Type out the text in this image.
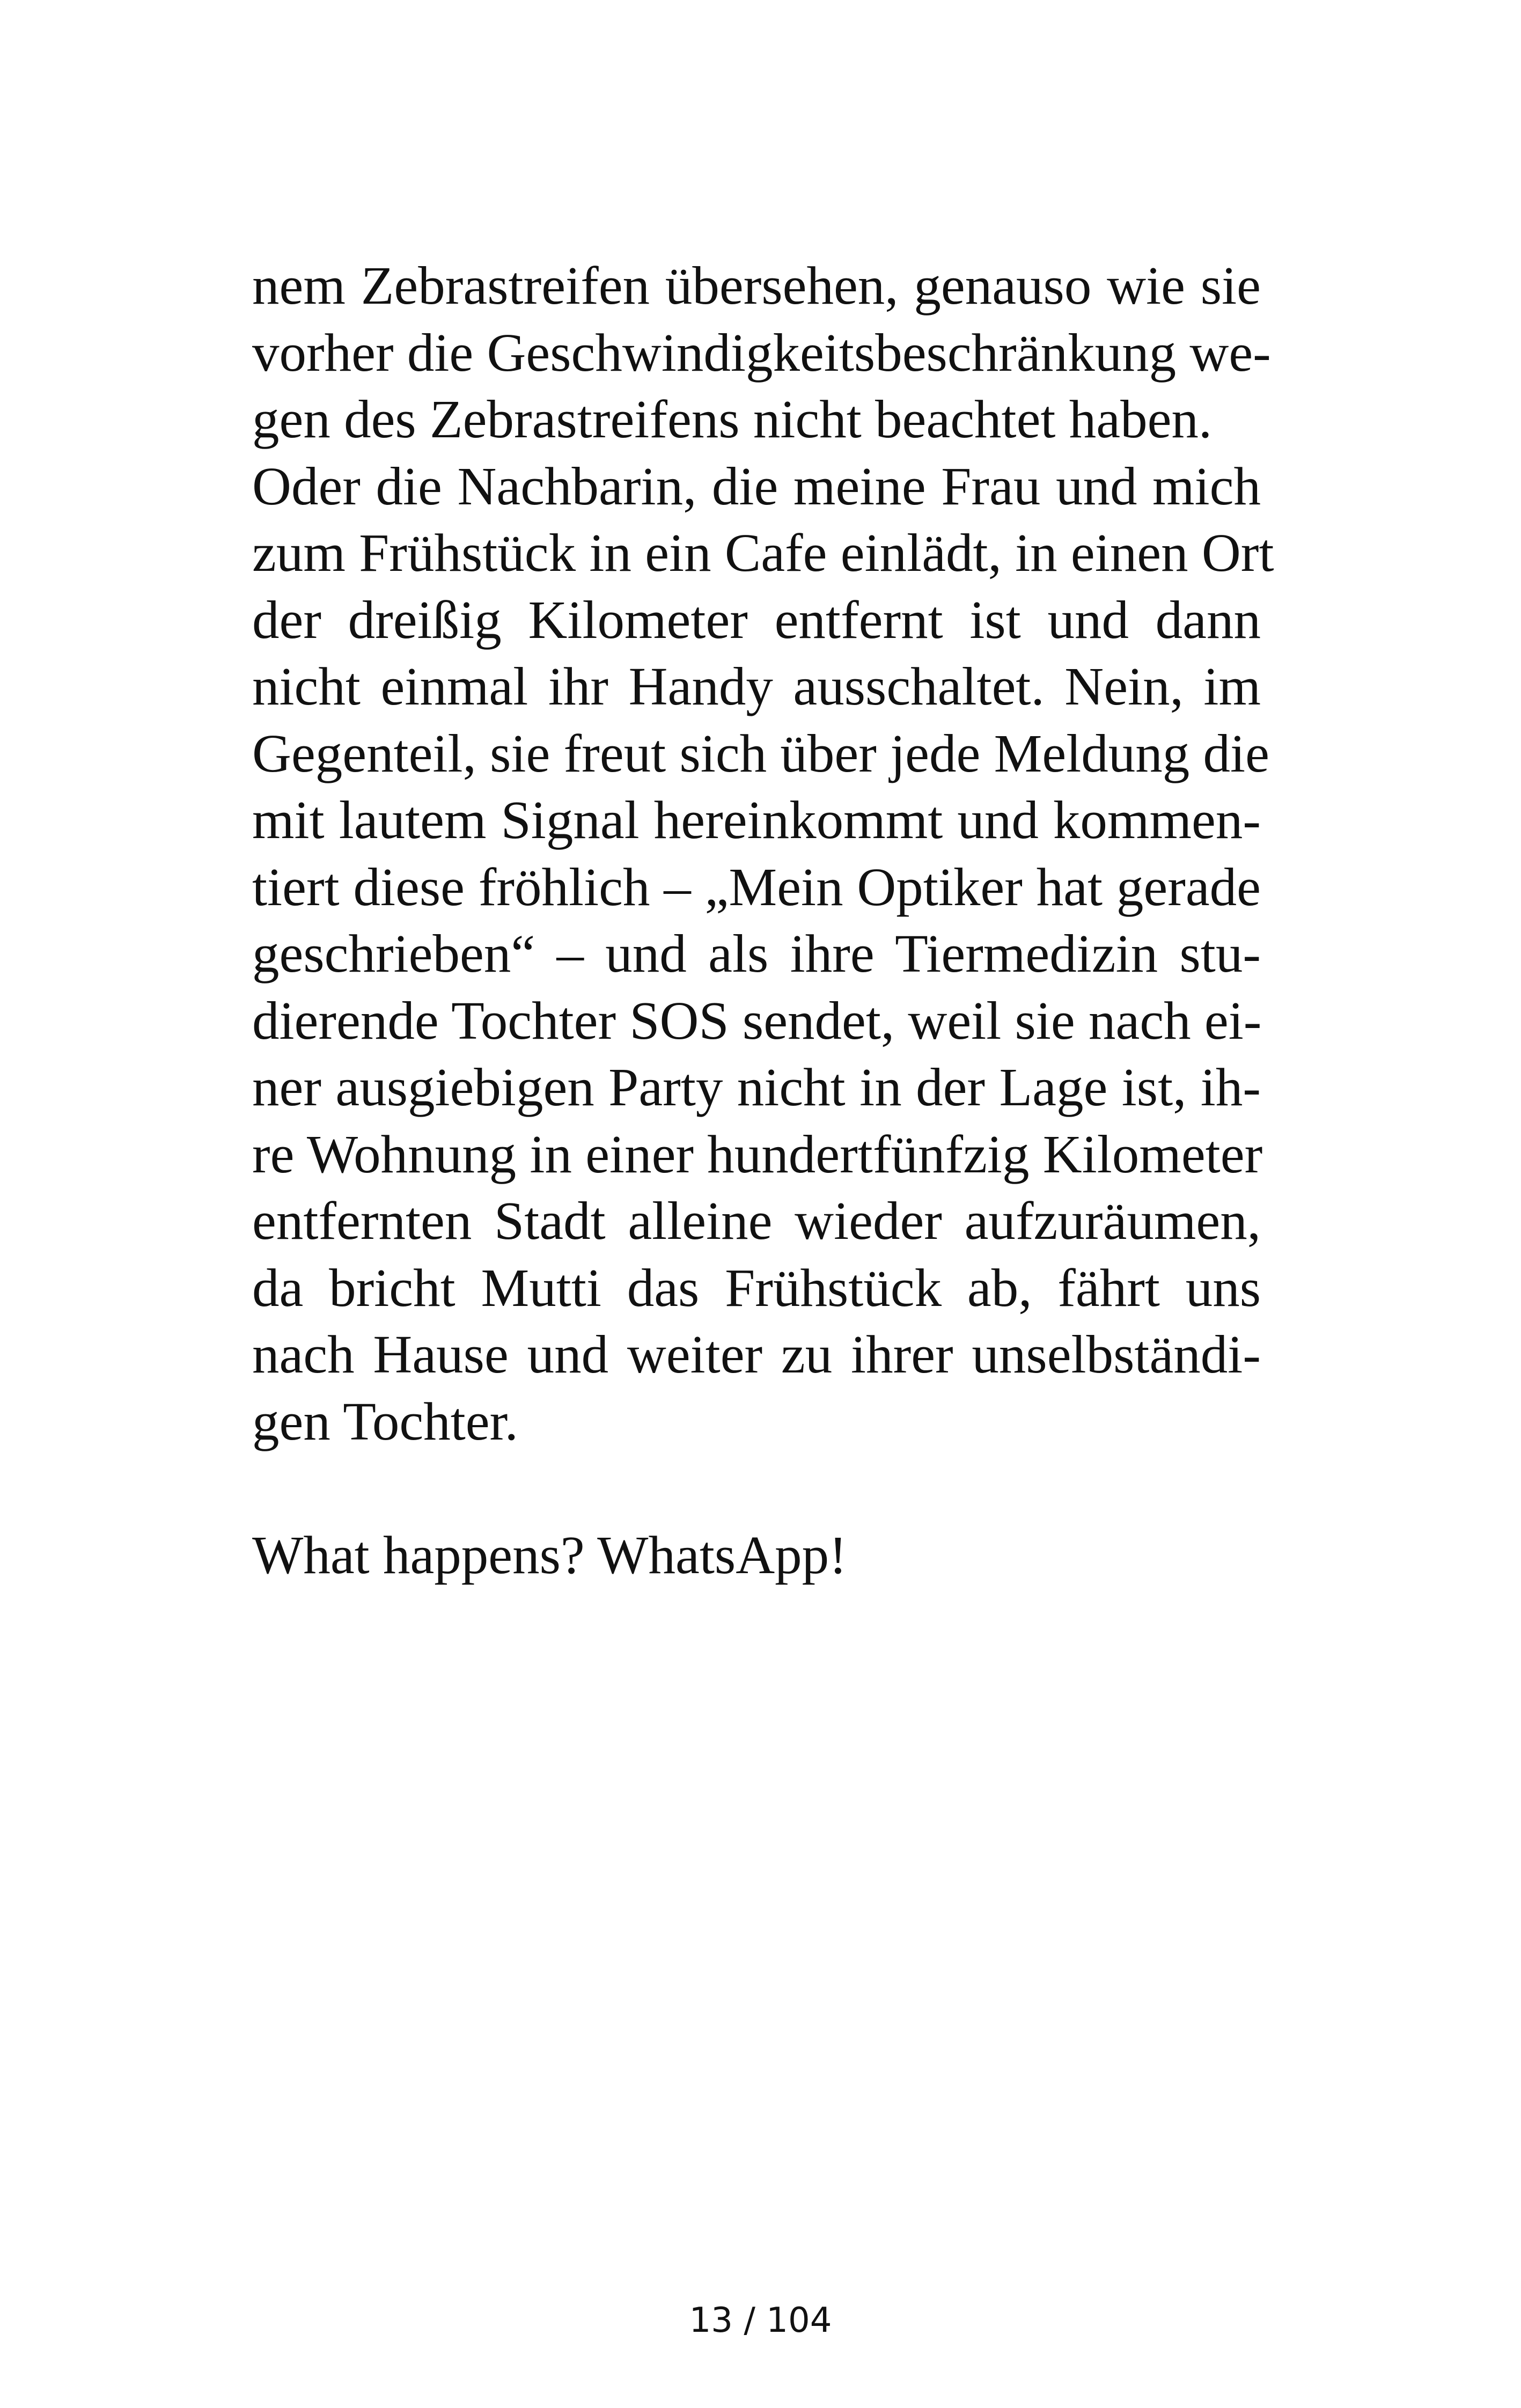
nem Zebrastreifen übersehen, genauso wie sie
vorher die Geschwindigkeitsbeschränkung we-
gen des Zebrastreifens nicht beachtet haben.
Oder die Nachbarin, die meine Frau und mich
zum Frühstück in ein Cafe einlädt, in einen Ort
der dreißig Kilometer entfernt ist und dann
nicht einmal ihr Handy ausschaltet. Nein, im
Gegenteil, sie freut sich über jede Meldung die
mit lautem Signal hereinkommt und kommen-
tiert diese fröhlich – „Mein Optiker hat gerade
geschrieben“ – und als ihre Tiermedizin stu-
dierende Tochter SOS sendet, weil sie nach ei-
ner ausgiebigen Party nicht in der Lage ist, ih-
re Wohnung in einer hundertfünfzig Kilometer
entfernten Stadt alleine wieder aufzuräumen,
da bricht Mutti das Frühstück ab, fährt uns
nach Hause und weiter zu ihrer unselbständi-
gen Tochter.
What happens? WhatsApp!
13 / 104
